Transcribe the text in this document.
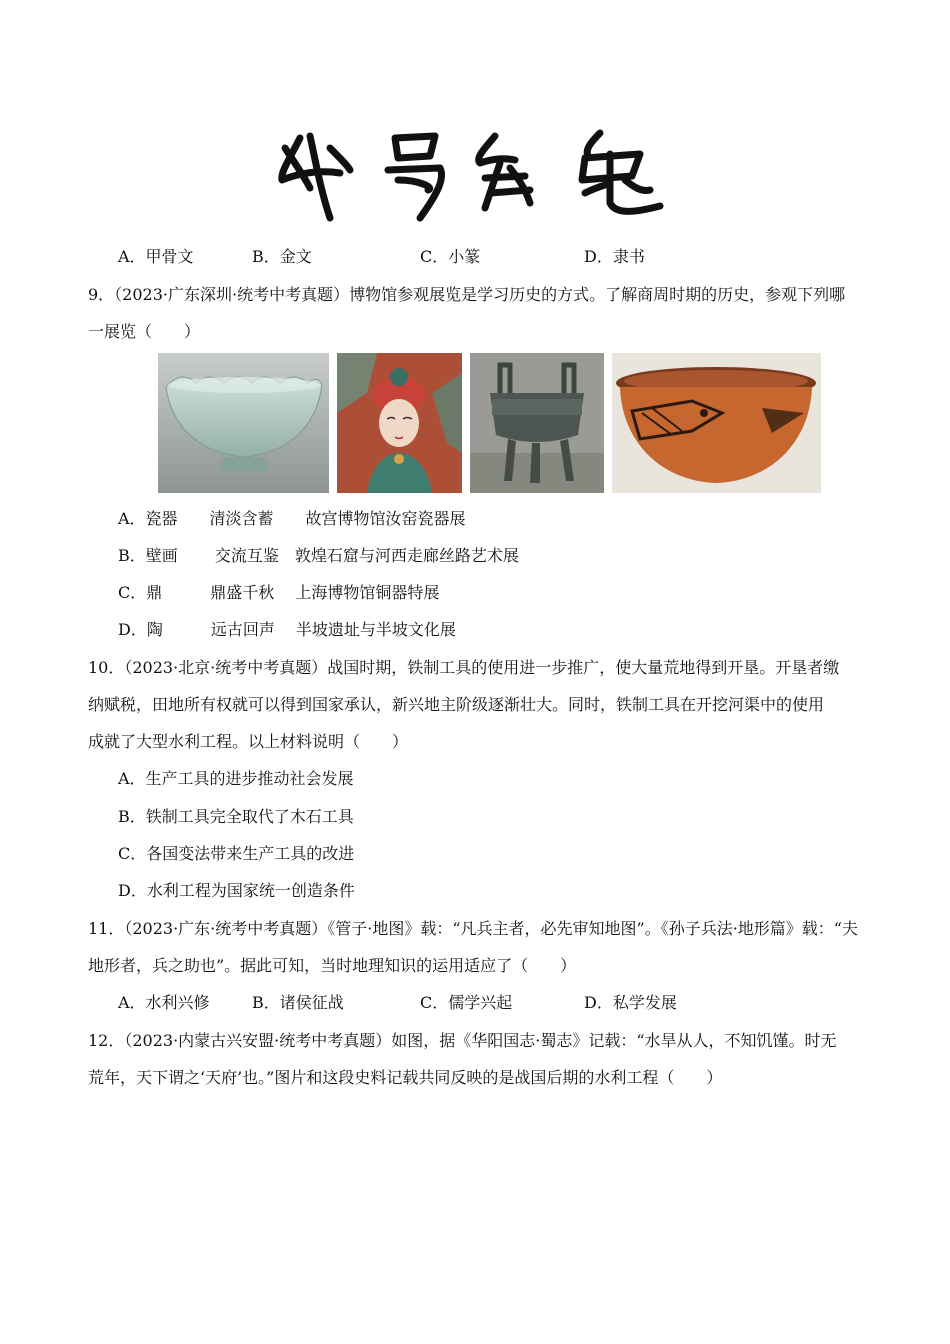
A．甲骨文	B．金文	C．小篆	D．隶书
9．（2023·广东深圳·统考中考真题）博物馆参观展览是学习历史的方式。了解商周时期的历史，参观下列哪
一展览（　　）
A．瓷器　　清淡含蓄　　故宫博物馆汝窑瓷器展
B．壁画　　 交流互鉴　敦煌石窟与河西走廊丝路艺术展
C．鼎　　　鼎盛千秋　 上海博物馆铜器特展
D．陶　　　远古回声　 半坡遗址与半坡文化展
10．（2023·北京·统考中考真题）战国时期，铁制工具的使用进一步推广，使大量荒地得到开垦。开垦者缴
纳赋税，田地所有权就可以得到国家承认，新兴地主阶级逐渐壮大。同时，铁制工具在开挖河渠中的使用
成就了大型水利工程。以上材料说明（　　）
A．生产工具的进步推动社会发展
B．铁制工具完全取代了木石工具
C．各国变法带来生产工具的改进
D．水利工程为国家统一创造条件
11．（2023·广东·统考中考真题）《管子·地图》载：“凡兵主者，必先审知地图”。《孙子兵法·地形篇》载：“夫
地形者，兵之助也”。据此可知，当时地理知识的运用适应了（　　）
A．水利兴修	B．诸侯征战	C．儒学兴起	D．私学发展
12．（2023·内蒙古兴安盟·统考中考真题）如图，据《华阳国志·蜀志》记载：“水旱从人，不知饥馑。时无
荒年，天下谓之‘天府’也。”图片和这段史料记载共同反映的是战国后期的水利工程（　　）
